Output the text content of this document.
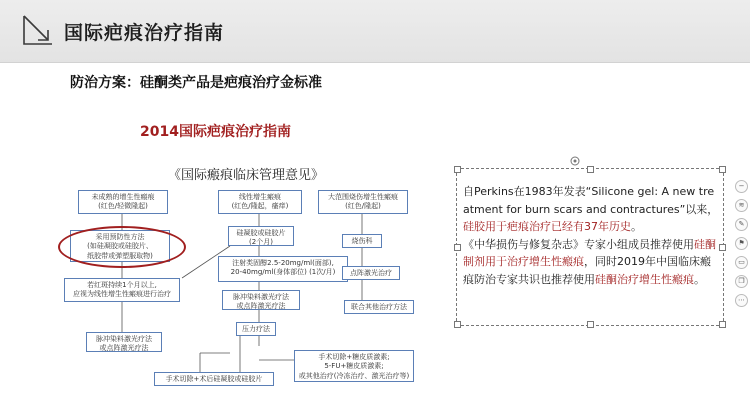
国际疤痕治疗指南
防治方案：硅酮类产品是疤痕治疗金标准
2014国际疤痕治疗指南
《国际瘢痕临床管理意见》
未成熟的增生性瘢痕
(红色/轻微隆起)
线性增生瘢痕
(红色/隆起，瘙痒)
大范围烧伤增生性瘢痕
(红色/隆起)
采用预防性方法
(如硅凝胶或硅胶片、
纸胶带或弹塑服取物)
硅凝胶或硅胶片
(2个月)	烧伤科
注射类固醇2.5-20mg/ml(面部),
20-40mg/ml(身体部位) (1次/月)
若红斑持续1个月以上,
应视为线性增生性瘢痕进行治疗
点阵激光治疗
脉冲染料激光疗法
或点阵激光疗法	联合其他治疗方法
脉冲染料激光疗法
或点阵激光疗法
压力疗法
手术切除+糖皮质激素;
5-FU+糖皮质激素;
或其他治疗(冷冻治疗、激光治疗等)
手术切除+术后硅凝胶或硅胶片
自Perkins在1983年发表“Silicone gel: A new treatment for burn scars and contractures”以来，硅胶用于疤痕治疗已经有37年历史。
《中华损伤与修复杂志》专家小组成员推荐使用硅酮制剂用于治疗增生性瘢痕，同时2019年中国临床瘢痕防治专家共识也推荐使用硅酮治疗增生性瘢痕。
−
≋
✎
⚑
▭
❐
⋯
